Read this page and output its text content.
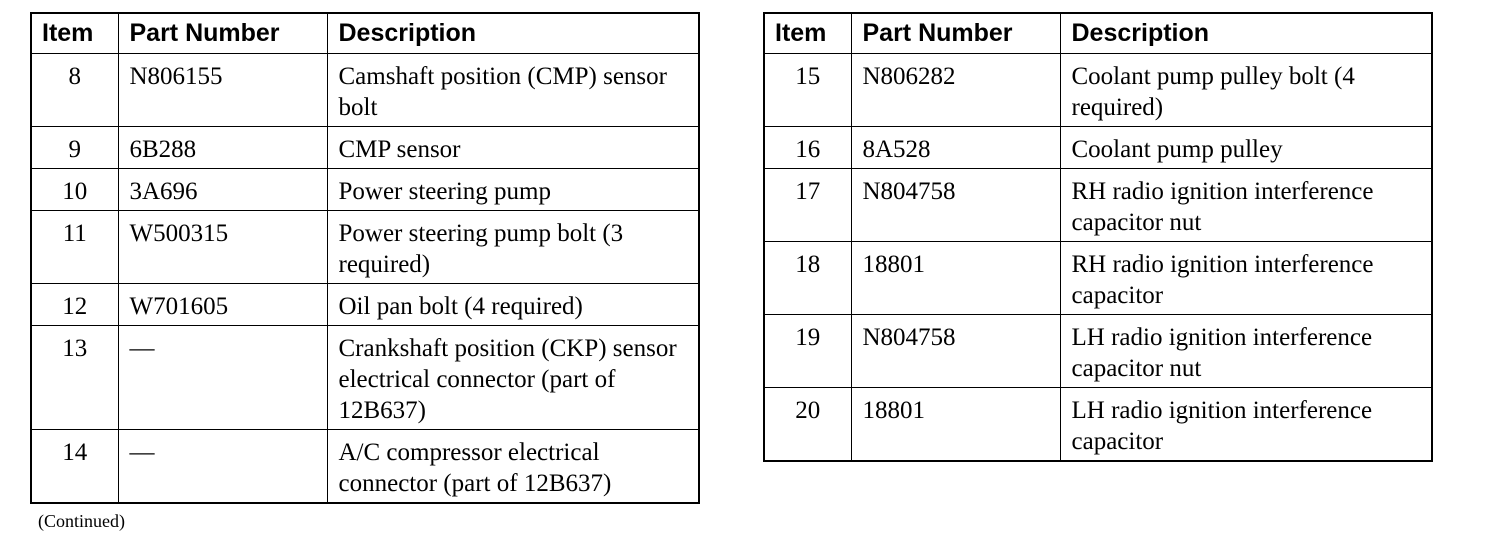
Item	Part Number	Description
8	N806155	Camshaft position (CMP) sensor bolt
9	6B288	CMP sensor
10	3A696	Power steering pump
11	W500315	Power steering pump bolt (3 required)
12	W701605	Oil pan bolt (4 required)
13	—	Crankshaft position (CKP) sensor electrical connector (part of 12B637)
14	—	A/C compressor electrical connector (part of 12B637)
Item	Part Number	Description
15	N806282	Coolant pump pulley bolt (4 required)
16	8A528	Coolant pump pulley
17	N804758	RH radio ignition interference capacitor nut
18	18801	RH radio ignition interference capacitor
19	N804758	LH radio ignition interference capacitor nut
20	18801	LH radio ignition interference capacitor
(Continued)
